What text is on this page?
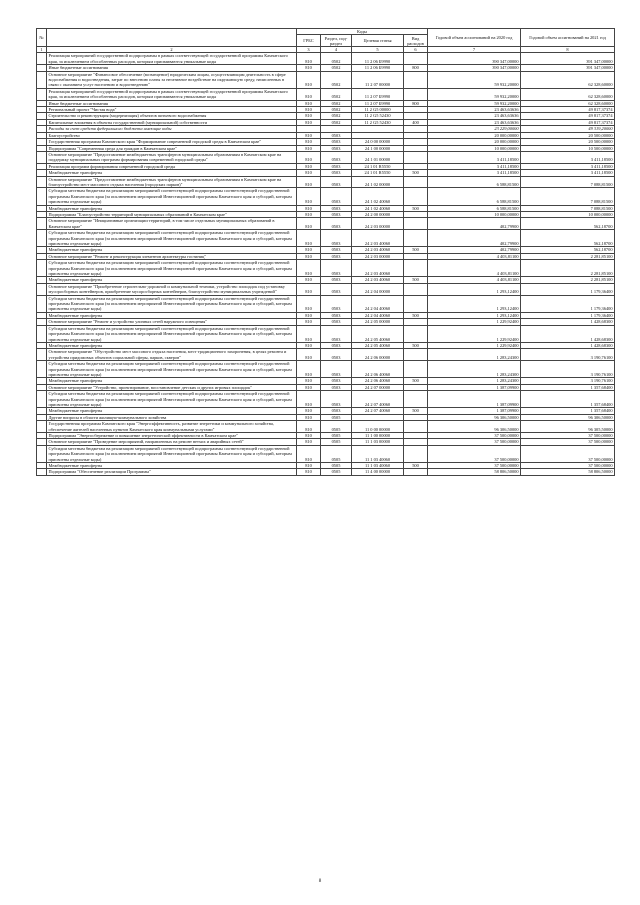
№		Коды				Годовой объем ассигнований на 2020 год	Годовой объем ассигнований на 2021 год
		ГРБС	Раздел, под-раздел	Целевая статья	Вид расходов		
1	2	3	4	5	6	7	8
	Реализация мероприятий государственной подпрограммы в рамках соответствующей государственной программы Камчатского края, за исключением обособленных расходов, которым присваиваются уникальные коды	810	0502	11 2 06 Б9990		390 347,00000	391 347,00000
	Иные бюджетные ассигнования	810	0502	11 2 06 Б9990	800	390 347,00000	391 347,00000
	Основное мероприятие "Финансовое обеспечение (возмещение) юридическим лицам, осуществляющим деятельность в сфере водоснабжения и водоотведения, затрат по внесению платы за негативное воздействие на окружающую среду, начисленных в связи с оказанием услуг населению и водоотведению"	810	0502	11 2 07 00000		59 932,20000	62 328,60000
	Реализация мероприятий государственной подпрограммы в рамках соответствующей государственной программы Камчатского края, за исключением обособленных расходов, которым присваиваются уникальные коды	810	0502	11 2 07 Б9990		59 932,20000	62 328,60000
	Иные бюджетные ассигнования	810	0502	11 2 07 Б9990	800	59 932,20000	62 328,60000
	Региональный проект "Чистая вода"	810	0502	11 2 G5 00000		23 463,63636	49 817,37374
	Строительство и реконструкция (модернизация) объектов питьевого водоснабжения	810	0502	11 2 G5 52430		23 463,63636	49 817,37374
	Капитальные вложения в объекты государственной (муниципальной) собственности	810	0502	11 2 G5 52430	400	23 463,63636	49 817,37374
	Расходы за счет средств федерального бюджета имеющие коды					23 229,00000	49 319,20000
	Благоустройство	810	0503			20 000,00000	20 500,00000
	Государственная программа Камчатского края "Формирование современной городской среды в Камчатском крае"	810	0503	24 0 00 00000		20 000,00000	20 500,00000
	Подпрограмма "Современная среда для граждан в Камчатском крае"	810	0503	24 1 00 00000		10 000,00000	10 500,00000
	Основное мероприятие "Предоставление межбюджетных трансфертов муниципальным образованиям в Камчатском крае на поддержку муниципальных программ формирования современной городской среды"	810	0503	24 1 01 00000		3 411,18500	3 411,18500
	Реализация программ формирования современной городской среды	810	0503	24 1 01 R5550		3 411,18500	3 411,18500
	Межбюджетные трансферты	810	0503	24 1 01 R5550	500	3 411,18500	3 411,18500
	Основное мероприятие "Предоставление межбюджетных трансфертов муниципальным образованиям в Камчатском крае на благоустройство мест массового отдыха населения (городских парков)"	810	0503	24 1 02 00000		6 588,81500	7 088,81500
	Субсидии местным бюджетам на реализацию мероприятий соответствующей подпрограммы соответствующей государственной программы Камчатского края (за исключением мероприятий Инвестиционной программы Камчатского края и субсидий, которым присвоены отдельные коды)	810	0503	24 1 02 40060		6 588,81500	7 088,81500
	Межбюджетные трансферты	810	0503	24 1 02 40060	500	6 588,81500	7 088,81500
	Подпрограмма "Благоустройство территорий муниципальных образований в Камчатском крае"	810	0503	24 2 00 00000		10 000,00000	10 000,00000
	Основное мероприятие "Инициативные организации территорий, в том числе отдельных муниципальных образований в Камчатском крае"	810	0503	24 2 03 00000		402,79900	562,18700
	Субсидии местным бюджетам на реализацию мероприятий соответствующей подпрограммы соответствующей государственной программы Камчатского края (за исключением мероприятий Инвестиционной программы Камчатского края и субсидий, которым присвоены отдельные коды)	810	0503	24 2 03 40060		402,79900	562,18700
	Межбюджетные трансферты	810	0503	24 2 03 40060	500	402,79900	562,18700
	Основное мероприятие "Ремонт и реконструкция элементов архитектуры гостиниц"	810	0503	24 2 03 00000		4 403,81100	2 281,85100
	Субсидии местным бюджетам на реализацию мероприятий соответствующей подпрограммы соответствующей государственной программы Камчатского края (за исключением мероприятий Инвестиционной программы Камчатского края и субсидий, которым присвоены отдельные коды)	810	0503	24 2 03 40060		4 403,81100	2 281,85100
	Межбюджетные трансферты	810	0503	24 2 03 40060	500	4 403,81100	2 281,85100
	Основное мероприятие "Приобретение строительно-дорожной и коммунальной техники, устройство площадок под установку мусоросборных контейнеров, приобретение мусоросборных контейнеров, благоустройство муниципальных учреждений"	810	0503	24 2 04 00000		1 293,12400	1 179,36400
	Субсидии местным бюджетам на реализацию мероприятий соответствующей подпрограммы соответствующей государственной программы Камчатского края (за исключением мероприятий Инвестиционной программы Камчатского края и субсидий, которым присвоены отдельные коды)	810	0503	24 2 04 40060		1 293,12400	1 179,36400
	Межбюджетные трансферты	810	0503	24 2 04 40060	500	1 293,12400	1 179,36400
	Основное мероприятие "Ремонт и устройство уличных сетей наружного освещения"	810	0503	24 2 05 00000		1 229,92400	1 428,68300
	Субсидии местным бюджетам на реализацию мероприятий соответствующей подпрограммы соответствующей государственной программы Камчатского края (за исключением мероприятий Инвестиционной программы Камчатского края и субсидий, которым присвоены отдельные коды)	810	0503	24 2 05 40060		1 229,92400	1 428,68300
	Межбюджетные трансферты	810	0503	24 2 05 40060	500	1 229,92400	1 428,68300
	Основное мероприятие "Обустройство мест массового отдыха населения, мест традиционного захоронения, в целях ремонта и устройства придомовых объектов социальной сферы, парков, скверов"	810	0503	24 2 06 00000		1 283,24300	3 190,76100
	Субсидии местным бюджетам на реализацию мероприятий соответствующей подпрограммы соответствующей государственной программы Камчатского края (за исключением мероприятий Инвестиционной программы Камчатского края и субсидий, которым присвоены отдельные коды)	810	0503	24 2 06 40060		1 283,24300	3 190,76100
	Межбюджетные трансферты	810	0503	24 2 06 40060	500	1 283,24300	3 190,76100
	Основное мероприятие "Устройство, проектирование, восстановление детских и других игровых площадок"	810	0503	24 2 07 00000		1 387,09900	1 357,68400
	Субсидии местным бюджетам на реализацию мероприятий соответствующей подпрограммы соответствующей государственной программы Камчатского края (за исключением мероприятий Инвестиционной программы Камчатского края и субсидий, которым присвоены отдельные коды)	810	0503	24 2 07 40060		1 387,09900	1 357,68400
	Межбюджетные трансферты	810	0503	24 2 07 40060	500	1 387,09900	1 357,68400
	Другие вопросы в области жилищно-коммунального хозяйства	810	0505			96 306,50000	96 306,50000
	Государственная программа Камчатского края "Энергоэффективность, развитие энергетики и коммунального хозяйства, обеспечение жителей населенных пунктов Камчатского края коммунальными услугами"	810	0505	11 0 00 00000		96 306,50000	96 305,50000
	Подпрограмма "Энергосбережение и повышение энергетической эффективности в Камчатском крае"	810	0505	11 1 00 00000		37 500,00000	37 500,00000
	Основное мероприятие "Проведение мероприятий, направленных на ремонт ветхих и аварийных сетей"	810	0505	11 1 03 00000		37 500,00000	37 500,00000
	Субсидии местным бюджетам на реализацию мероприятий соответствующей подпрограммы соответствующей государственной программы Камчатского края (за исключением мероприятий Инвестиционной программы Камчатского края и субсидий, которым присвоены отдельные коды)	810	0505	11 1 03 40060		37 500,00000	37 500,00000
	Межбюджетные трансферты	810	0505	11 1 03 40060	500	37 500,00000	37 500,00000
	Подпрограмма "Обеспечение реализации Программы"	810	0505	11 4 00 00000		58 806,50000	58 806,50000
8
